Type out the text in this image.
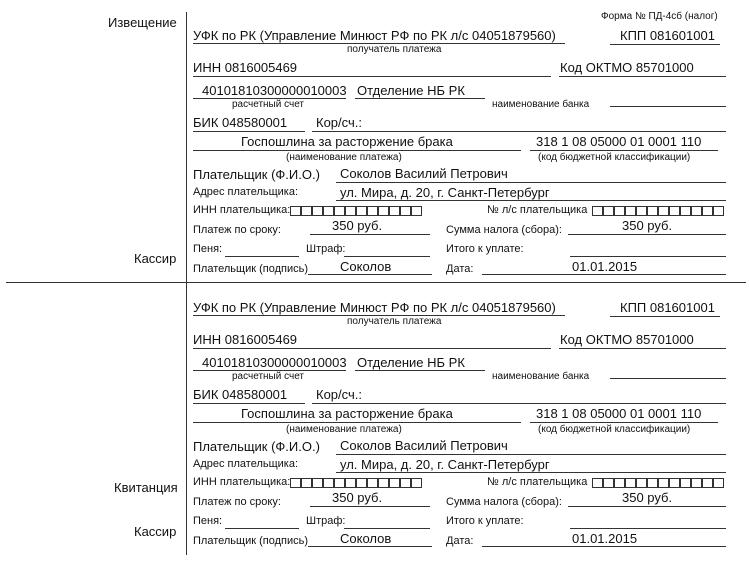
Форма № ПД-4сб (налог)
Извещение
Кассир
Квитанция
Кассир
УФК по РК (Управление Минюст РФ по РК л/с 04051879560)
получатель платежа
КПП 081601001
ИНН 0816005469	Код ОКТМО 85701000
40101810300000010003
расчетный счет
Отделение НБ РК
наименование банка
БИК 048580001 Кор/сч.:
Госпошлина за расторжение брака
(наименование платежа)
318 1 08 05000 01 0001 110
(код бюджетной классификации)
Плательщик (Ф.И.О.) Соколов Василий Петрович
Адрес плательщика:	ул. Мира, д. 20, г. Санкт-Петербург
ИНН плательщика:	№ л/с плательщика
Платеж по сроку:	350 руб.	Сумма налога (сбора):	350 руб.
Пеня:	Штраф:	Итого к уплате:
Плательщик (подпись) Соколов	Дата:	01.01.2015
УФК по РК (Управление Минюст РФ по РК л/с 04051879560)
получатель платежа
КПП 081601001
ИНН 0816005469	Код ОКТМО 85701000
40101810300000010003
расчетный счет
Отделение НБ РК
наименование банка
БИК 048580001 Кор/сч.:
Госпошлина за расторжение брака
(наименование платежа)
318 1 08 05000 01 0001 110
(код бюджетной классификации)
Плательщик (Ф.И.О.) Соколов Василий Петрович
Адрес плательщика:	ул. Мира, д. 20, г. Санкт-Петербург
ИНН плательщика:	№ л/с плательщика
Платеж по сроку:	350 руб.	Сумма налога (сбора):	350 руб.
Пеня:	Штраф:	Итого к уплате:
Плательщик (подпись) Соколов	Дата:	01.01.2015
